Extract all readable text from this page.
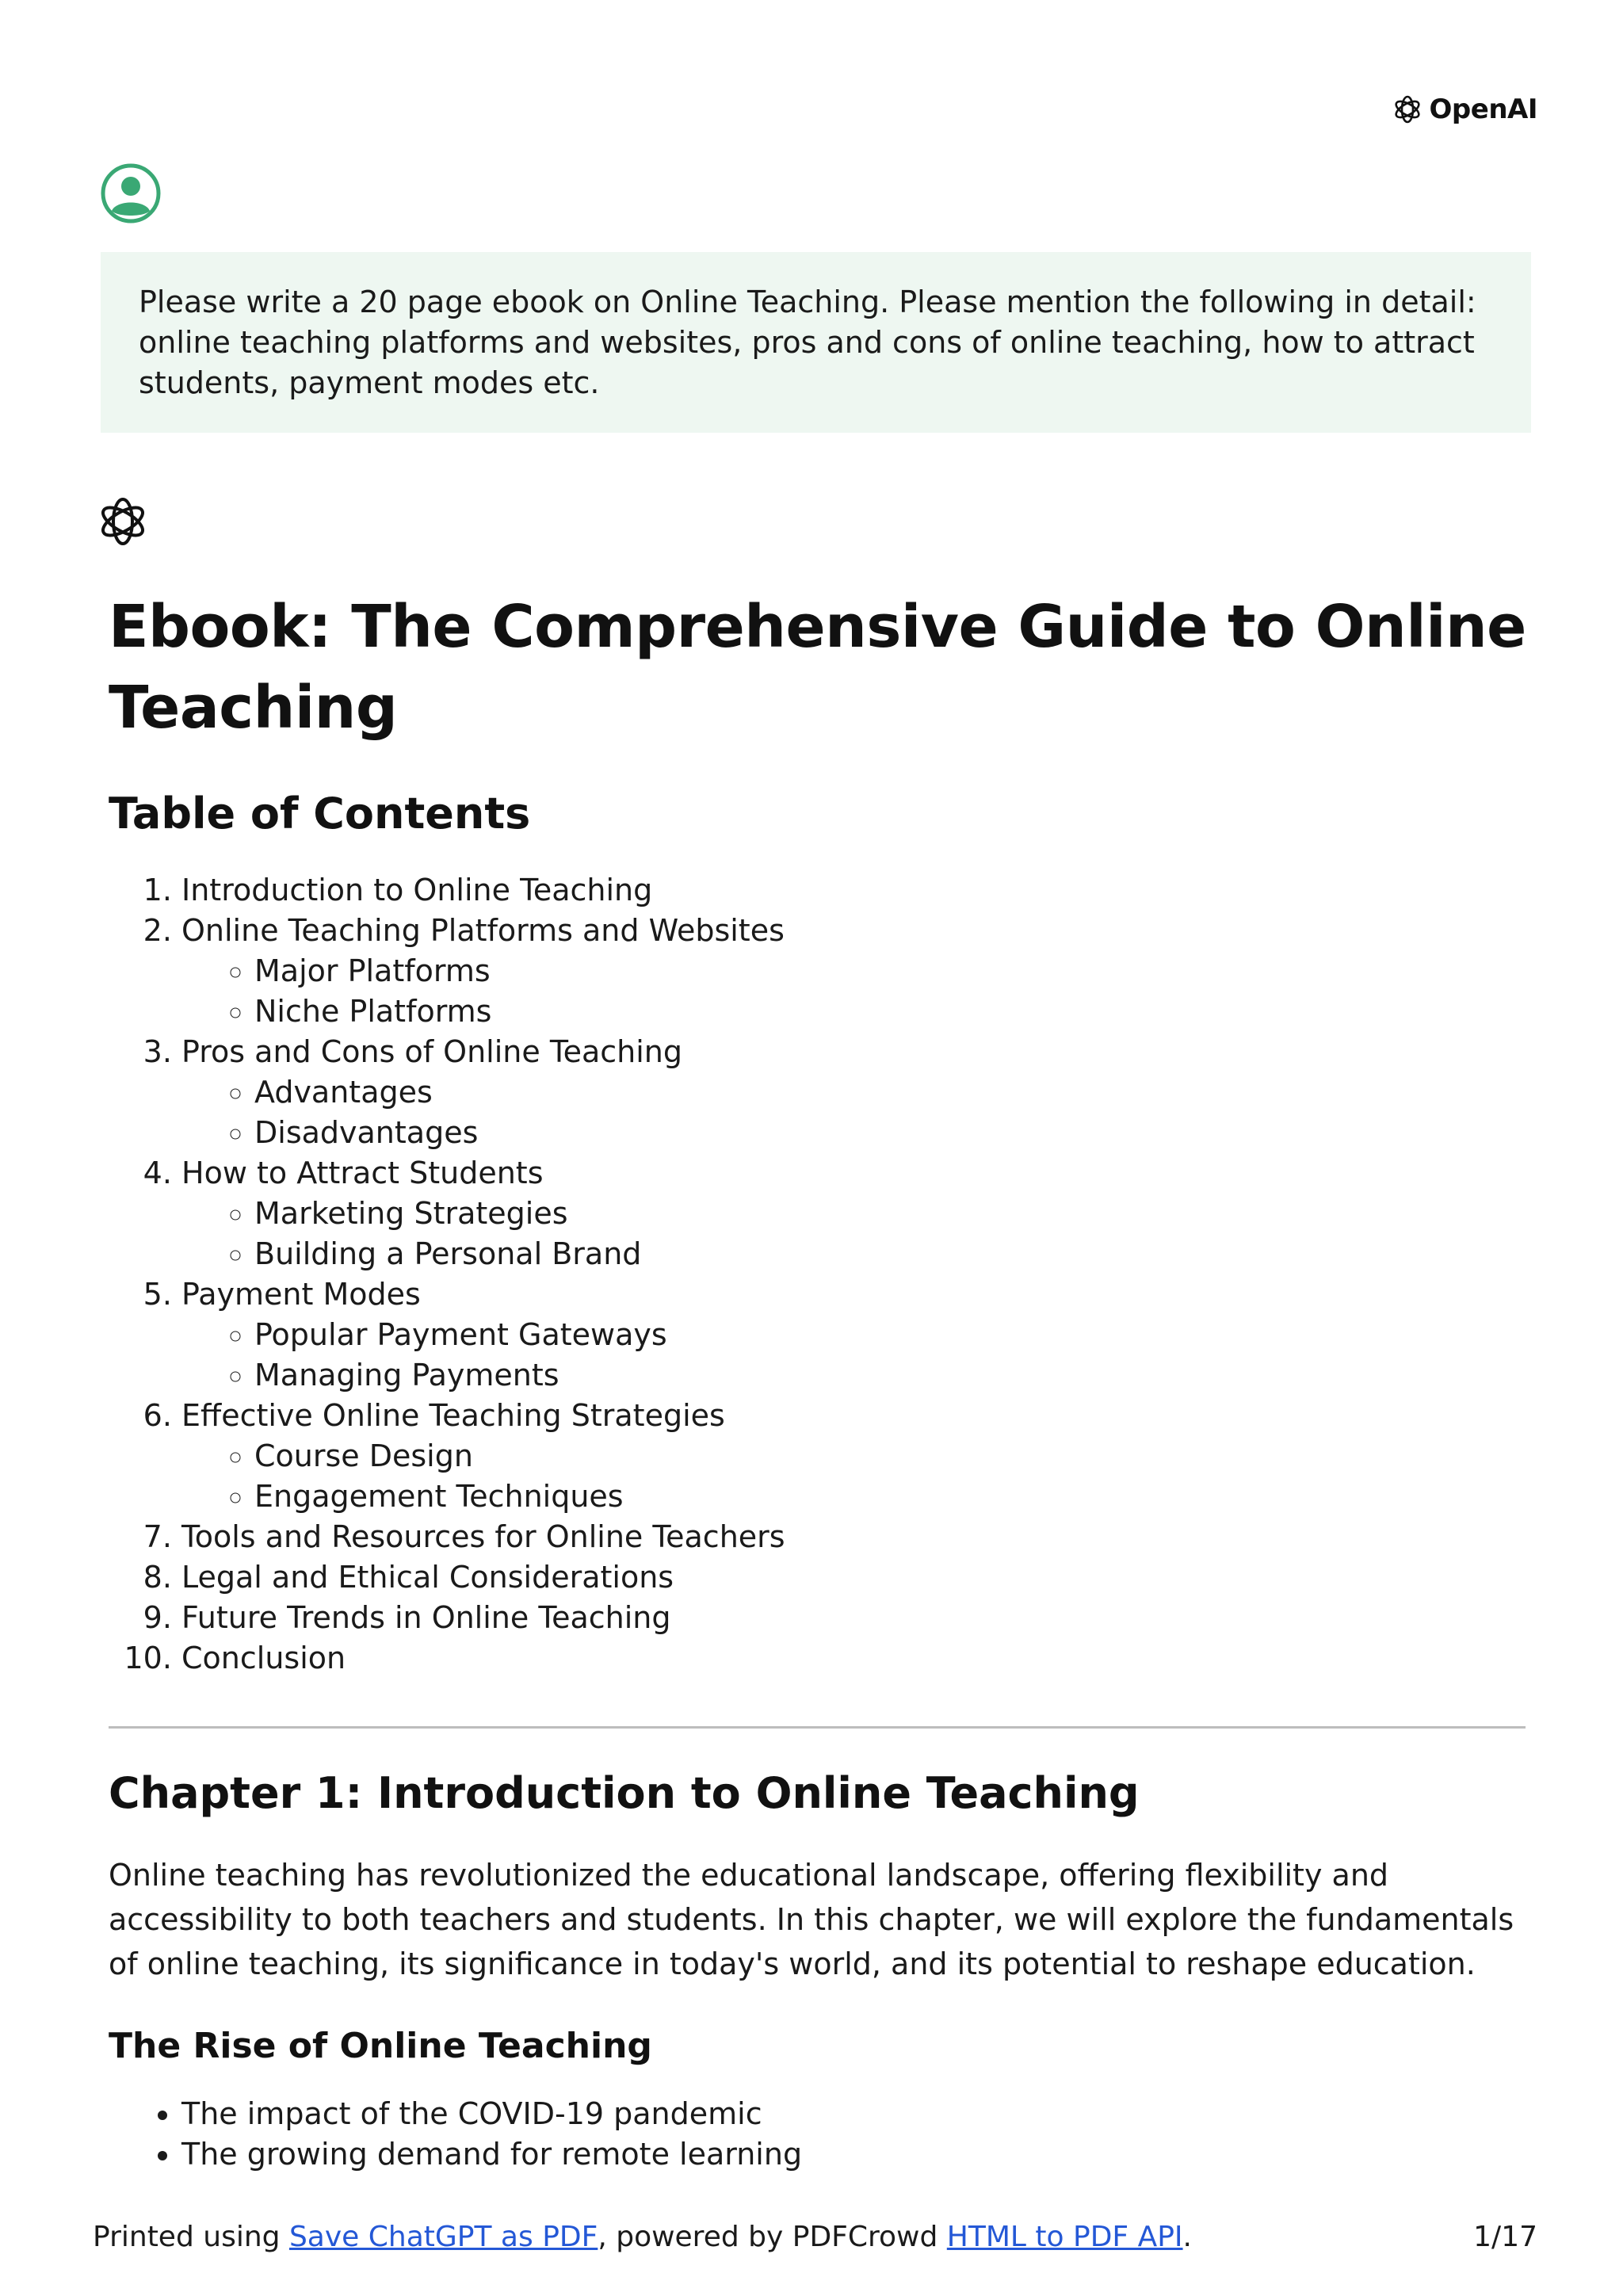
OpenAI

Please write a 20 page ebook on Online Teaching. Please mention the following in detail: online teaching platforms and websites, pros and cons of online teaching, how to attract students, payment modes etc.

Ebook: The Comprehensive Guide to Online Teaching
Table of Contents
1. Introduction to Online Teaching
2. Online Teaching Platforms and Websites
◦ Major Platforms
◦ Niche Platforms
3. Pros and Cons of Online Teaching
◦ Advantages
◦ Disadvantages
4. How to Attract Students
◦ Marketing Strategies
◦ Building a Personal Brand
5. Payment Modes
◦ Popular Payment Gateways
◦ Managing Payments
6. Effective Online Teaching Strategies
◦ Course Design
◦ Engagement Techniques
7. Tools and Resources for Online Teachers
8. Legal and Ethical Considerations
9. Future Trends in Online Teaching
10. Conclusion
Chapter 1: Introduction to Online Teaching

Online teaching has revolutionized the educational landscape, offering flexibility and accessibility to both teachers and students. In this chapter, we will explore the fundamentals of online teaching, its significance in today's world, and its potential to reshape education.

The Rise of Online Teaching
• The impact of the COVID-19 pandemic
• The growing demand for remote learning
Printed using Save ChatGPT as PDF, powered by PDFCrowd HTML to PDF API.	1/17
